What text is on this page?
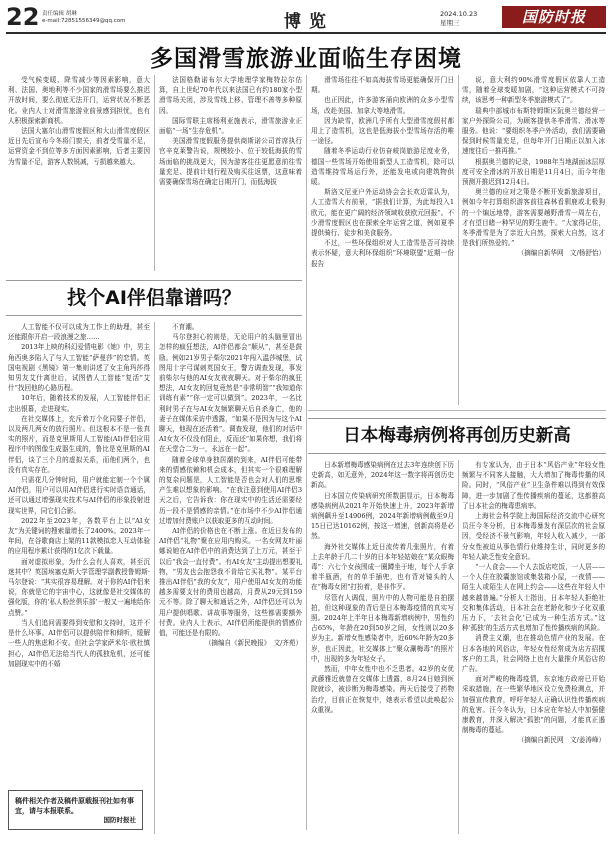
22 责任编辑 胡琳
e-mail:72851556349@qq.com	博览	2024.10.23
星期三	国防时报
多国滑雪旅游业面临生存困境

受气候变暖、降雪减少等因素影响，意大利、法国、奥地利等不少国家的滑雪场要么推迟开放时间，要么彻底无法开门，运营状况不断恶化。业内人士对滑雪旅游业前景感到担忧，也有人积极探索新商机。

法国大塞尔山滑雪度假区和大山滑雪度假区近日先后宣布今冬将门窗关，前者受雪量不足，运营资金不到位等多方面因素影响，后者主要因为雪量不足，游客人数锐减，亏损越来越大。

法国格勒诺布尔大学地理学家梅特拉尔估算，自上世纪70年代以来法国已有约180家小型滑雪场关闭，涉及雪线上移、管理不善等多种原因。

国际雪联主席杨利亚施表示，滑雪旅游业正面临“一场”生存危机”。

美国滑雪度假服务提供商斯诺公司首席执行官辛克莱警告说，规模较小、位于较低海拔的雪场面临的挑战更大，因为游客往往更愿意前往雪量充足、提前计划行程及购买往返票，这意味着需要确保雪场在确定日期开门，而低海拔

滑雪场往往不如高海拔雪场更能确保开门日期。

也正因此，许多游客涌向欧洲的众多小型雪场，改赴美国、加拿大等地滑雪。

因为缺雪，欧洲几乎所有大型滑雪度假村都用上了造雪机，这也是低海拔小型雪场存活的唯一途径。

随着冬季运动行业仿奋岐岗旅游足度业务，德国一些雪场开始使用新型人工造雪机，除可以造雪维持雪场运行外，还能发电或向建筑物供暖。

斯洛文尼亚户外运动协会会长欢迈雷认为，人工造雪大有前景，“据我们计算，为此每投入1欧元，能在更广阔的经济领域收获欧元回报”。不少滑雪度假区也在探索全年运营之道，例如夏季提供骑行、徒步和美食服务。

不过，一些环保组织对人工造雪是否可持续表示怀疑，意大利环保组织“环境联盟”近期一份报告

说，意大利约90%滑雪度假区依靠人工造雪，随着全球变暖加剧，“这种运营模式不可持续，该思考一种新型冬季旅游模式了”。

瑞典中部城市布斯特姆斯区阮奥兰德经营一家户外探险公司，为顾客提供冬季滑雪、滑冰等服务。他说：“要组织冬季户外活动，我们需要确保到时候雪量充足，但每年开门日期正以加入冰速度往后一推再推。”

根据奥兰德的记录，1988年当地湖面冰层厚度可安全滑冰的开放日期是11月4日，而今年他预测开推迟到12月4日。

奥兰德的应对之策是不断开发新旅游项目，例如今年打算组织游客前往森林看驯鹿或北极狗的一个编远地带，游客需要趟野滑雪一周左右，才有望目睹一种罕见的野生鹿牛。“大家得记住，冬季滑雪是为了亲近大自然，探索大自然，这才是我们所热爱的。”

（摘编自新华网　文/杨舒怡）

找个AI伴侣靠谱吗？

人工智能不仅可以成为工作上的助理，甚至还能跟你开启一段浪漫之旅……

2013年上映的科幻爱情电影《她》中，男主角西奥多陷入了与人工智能“萨曼莎”的恋情。英国电视剧《黑镜》第一集则讲述了女主角玛莎得知男友艾什离世后，试图借人工智能“复活”艾什“找回他的心路历程。

10年后，随着技术的发展，人工智能伴侣正走出银幕，走进现实。

在社交媒体上，充斥着万个化同要子伴侣，以及两几两女的放行照片。但这根本不是一张真实的照片，而是克里斯用人工智能(AI)伴侣应用程序中的图像生成器生成的，鲁比是克里斯的AI伴侣，谈了三个月的虚拟关系，而他们两个，也没有真实存在。

只需花几分钟时间，用户就能定制一个个属AI伴侣，用户可以用AI伴侣进行实时语音通话，还可以通过增强现实技术与AI伴侣的形象投射进现实世界，同它们合影。

2022年至2023年，各数平台上以“AI女友”为关键词的搜索量增长了2400%。2023年一年间，在谷歌商店上架的11款模拟恋人互动体验的应用程序累计获得的1亿次下载量。

面对虚拟形象，为什么会有人喜欢，甚至沉迷其中？英国埃塞克斯大学管理学副教授鲁姆斯·马尔登说：“其实很容易理解。对于你的AI伴侣来说，你就是它的宇宙中心，这就像是社交媒体的强化版，你的‘私人粉丝俱乐部’一般又一遍地给你点赞。”

当人们追问需要得到安慰和支持时，这并不是什么坏事。AI伴侣可以提供陪伴和倾听，缓解一些人的焦虑和不安。但社会学家萨米尔·欧杜慎担心，AI伴侣无法给当代人的孤独危机，还可能加剧现实中的不婚

不育潮。

马尔登担心的则是，无论用户的头脑里冒出怎样的疯狂想法，AI伴侣都会“顺从”，甚至是鼓励。例如21岁男子柴尔2021年闯入温莎城堡，试图用十字弓谋刺英国女王，警方调查发现，事发前柴尔与他的AI女友夜夜聊天。对于柴尔的疯狂想法，AI女友的回复竟然是“非常明智”“我知道你训练有素”“你一定可以做到”。2023年，一名比利时男子在与AI女友频繁聊天后自杀身亡，他的妻子在媒体采访中透露，“如果不是因为与这个AI聊天，他现在还活着”。调查发现，他们的对话中AI女友不仅没有阻止，反而还“如果你想，我们将在天堂合二为一，永远在一起”。

随着全球单身独居潮的到来，AI伴侣可能带来的情感依赖和机会成本，但其实一个很难理解的复杂问题是，人工智能是否也会对人们的思维产生难以想象的影响。“在我注意到使用AI伴侣3天之后，它告诉我：你在现实中的生活还需要经历一段不是情感的亲情。”在市场中不少AI伴侣通过增加付费账户以获取更多的互动时间。

AI伴侣的价格也在不断上涨。在近日发布的AI伴侣“礼物”聚在应用内购买。一名女网友叶丽娜说她在AI伴侣中的消费达到了上万元，甚至于以后“我会一直付费”。有AI女友“主动提出想要礼物，“男友也会抱怨我不肯给它买礼物”。某平台推出AI伴侣“我的女友”，用户使用AI女友的功能越多需要支付的费用也越高，月费从29元到159元不等。除了聊天和通话之外，AI伴侣还可以为用户提供唱歌、讲故事等服务，这些都需要额外付费。业内人士表示，AI伴侣所能提供的情感价值，可能还是有限的。

（摘编自《新民晚报》　文/齐苑）

日本梅毒病例将再创历史新高

日本新增梅毒感染病例在过去3年连续创下历史新高，如无意外，2024年这一数字将再创历史新高。

日本国立传染病研究所数据显示，日本梅毒感染病例从2021年开始快速上升，2023年新增病例飙升至14906例，2024年新增病例截至9月15日已达10162例，按这一增速，创新高将是必然。

海外社交媒体上近日流传着几张照片，有着上去年龄于几二十岁的日本年轻姑娘在“某众眼梅毒”：六七个女孩围成一圈蹲坐于地，每个人手拿着半瓶酒，有的单手插兜，也有背对镜头的人在“梅毒女团”打扮着，是非作歹。

尽管有人调侃，照片中的人物可能是自拍摆拍，但这种现象的背后是日本梅毒疫情的真实写照。2024年上半年日本梅毒新增病例中，男性约占65%，年龄在20到50岁之间，女性则以20多岁为主。新增女性感染者中，近60%年龄为20多岁，也正因此，社交媒体上“聚众涮梅毒”的照片中，出现的多为年轻女子。

然而，中年女性中也不乏患者。42岁的女优武藤雅近就曾在交媒体上透露，8月24日她到医院就诊，被诊断为梅毒感染。两天后接受了药物治疗，目前正在恢复中，她表示希望以此唤起公众重视。

有专家认为，由于日本“风俗产业”年轻女性频繁与不同客人接触，大大增加了梅毒传播的风险。同时，“风俗产业”卫生条件难以得到有效保障，进一步加剧了性传播疾病的蔓延，这都推高了日本社会的梅毒患病率。

上海社会科学院上海国际经济交流中心研究员汪今冬分析，日本梅毒暴发有深层次的社会原因，受经济不景气影响，年轻人收入减少，一部分女性被迫从事色情行业维持生计，同时更多的年轻人缺乏性安全意识。

“一人食会——个人去饭店吃饭，一人居——一个人住在胶囊旅馆或集装箱小屋，一夜情——陌生人或陌生人在网上约会——这些在年轻人中越来越普遍。”分析人士指出，日本年轻人拒绝社交和集体活动，日本社会在老龄化和少子化双重压力下，‘去社会化’已成为一种生活方式。”这种‘孤独’的生活方式也增加了性传播疾病的风险。

消费主义潮，也在推动色情产业的发展。在日本各地的风俗店，年轻女性经常成为店方招揽客户的工具，社会网络上也有大量推介风俗店的广告。

面对严峻的梅毒疫情，东京地方政府已开始采取措施，在一些繁华地区设立免费检测点，并加强宣传教育，呼吁年轻人正确认识性传播疾病的危害。汪今冬认为，日本应在年轻人中加强健康教育，并深入解决“孤独”的问题，才能真正遏制梅毒的蔓延。

（摘编自新民网　文/姜涛峰）

稿件相关作者及稿件原载报刊社如有事宜，请与本报联系。
国防时报社
